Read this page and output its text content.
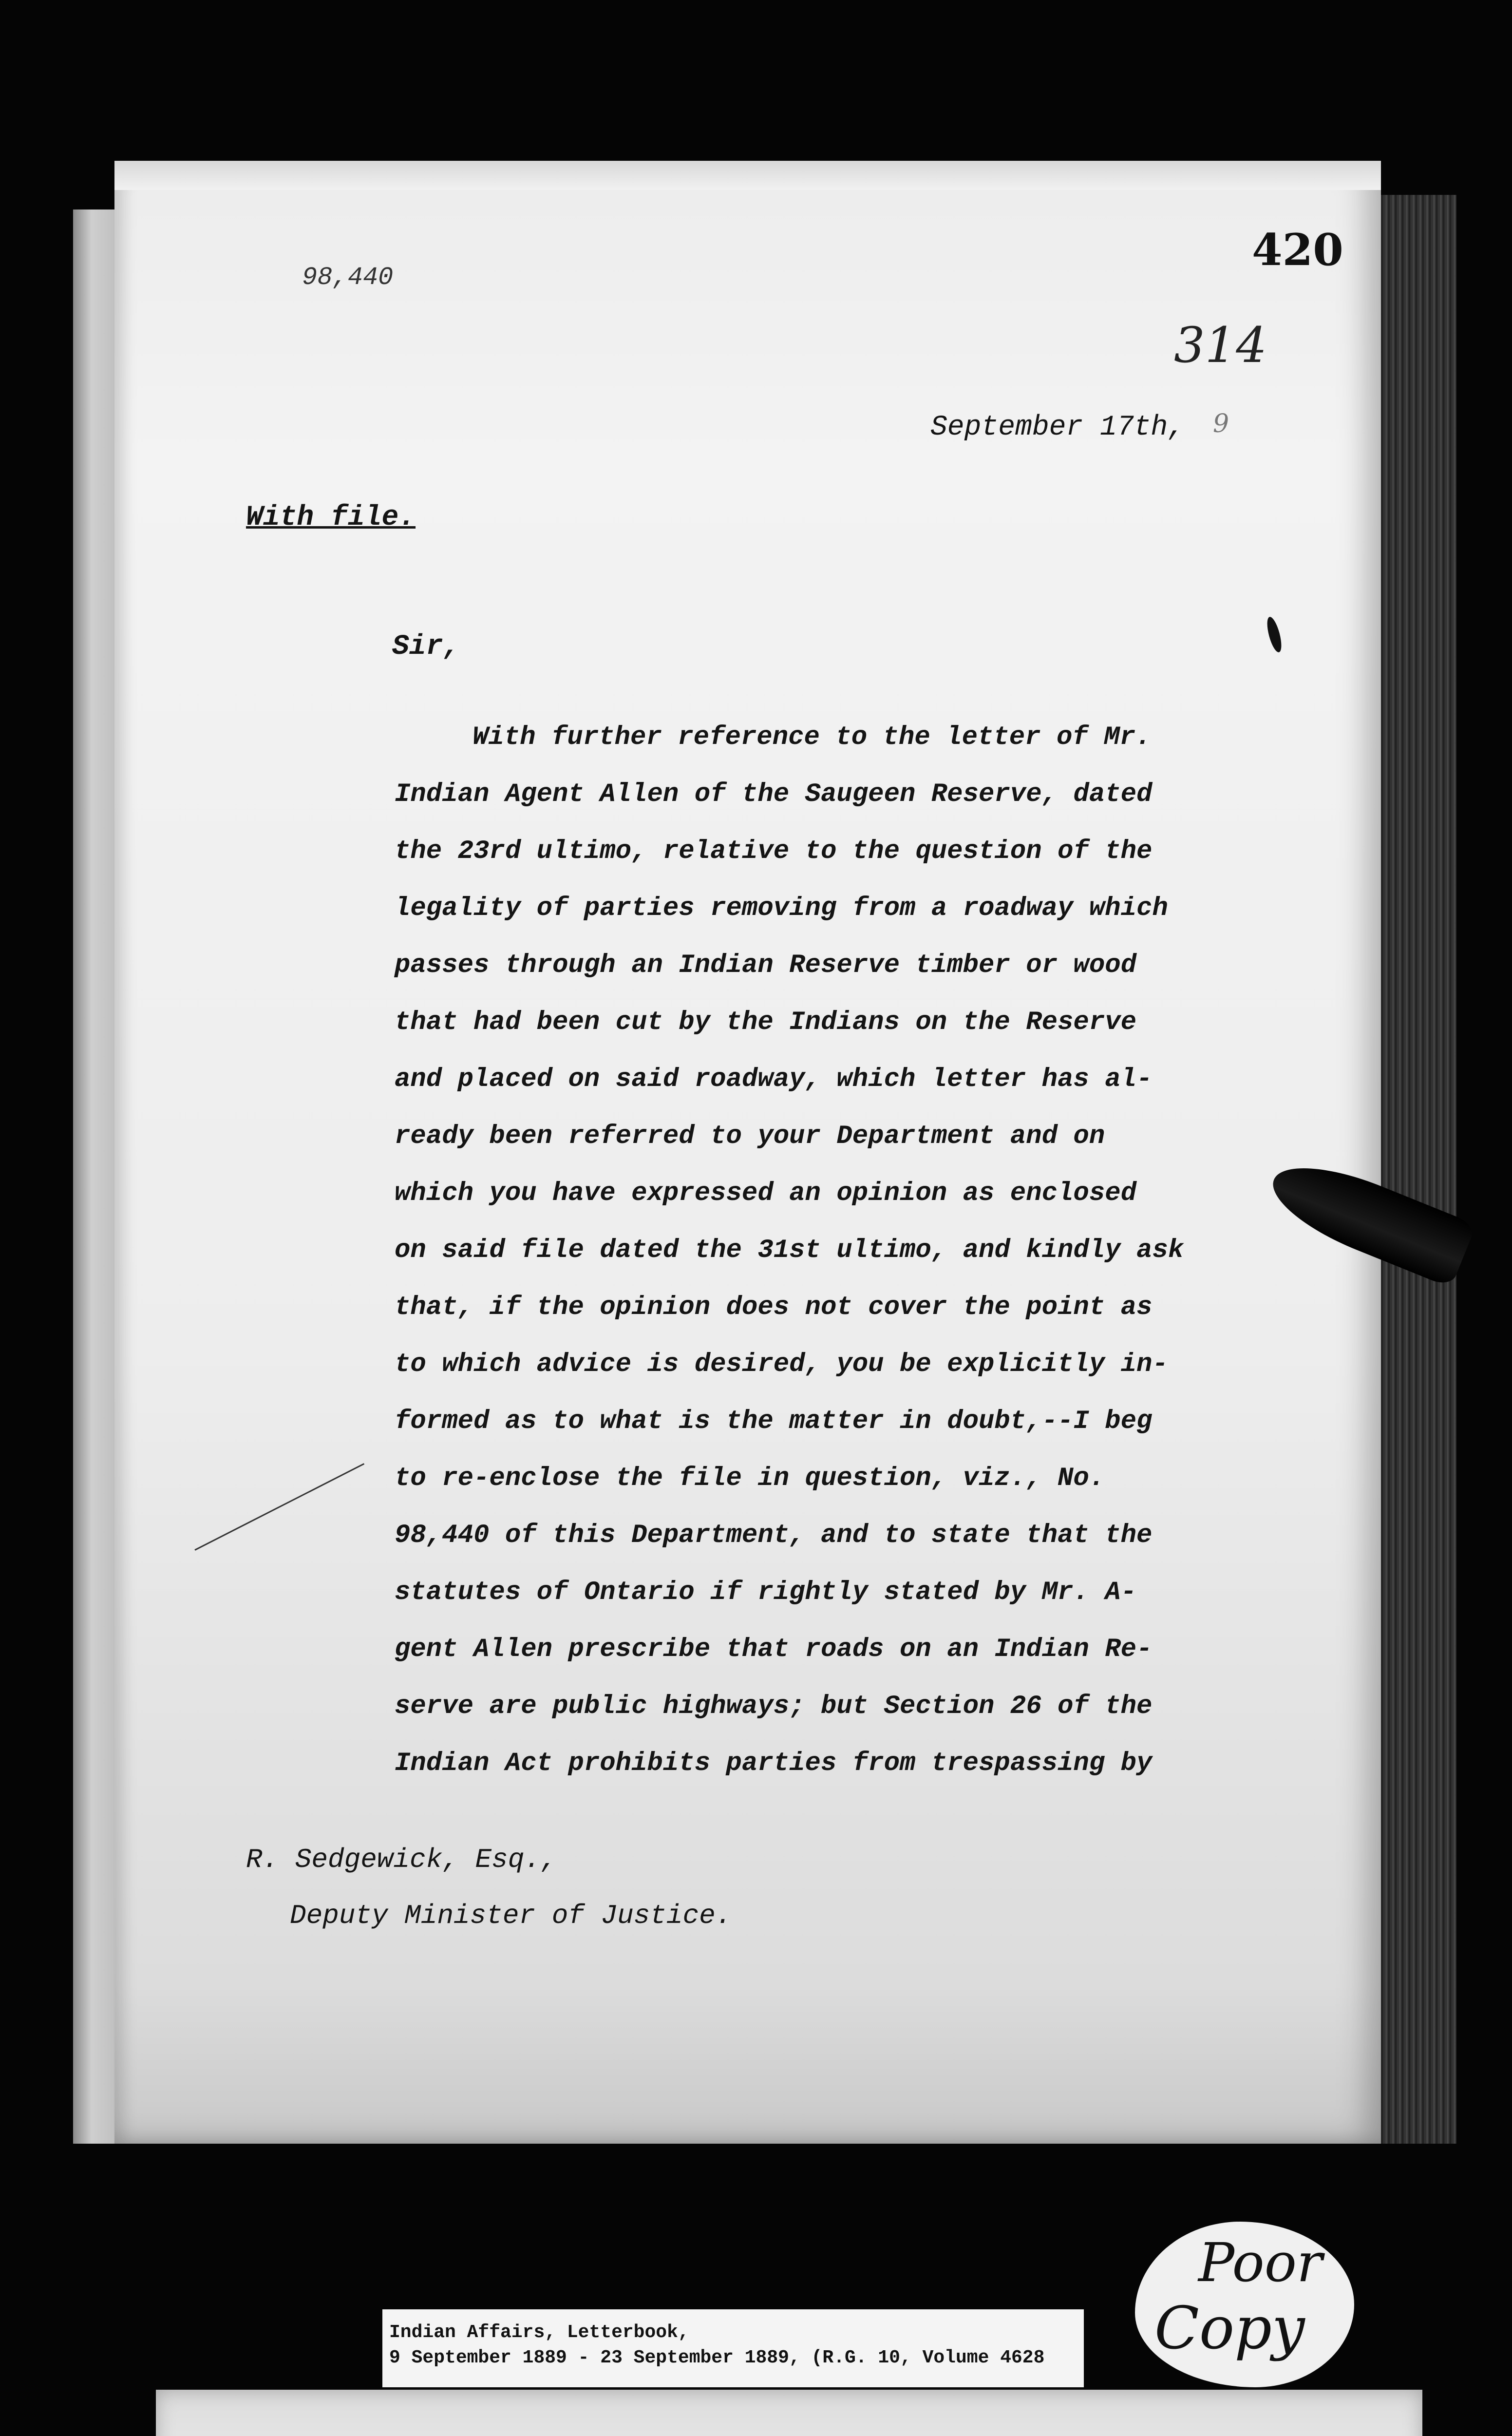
98,440
420
314
September 17th, 9
With file.
Sir,
With further reference to the letter of Mr.
Indian Agent Allen of the Saugeen Reserve, dated
the 23rd ultimo, relative to the question of the
legality of parties removing from a roadway which
passes through an Indian Reserve timber or wood
that had been cut by the Indians on the Reserve
and placed on said roadway, which letter has al-
ready been referred to your Department and on
which you have expressed an opinion as enclosed
on said file dated the 31st ultimo, and kindly ask
that, if the opinion does not cover the point as
to which advice is desired, you be explicitly in-
formed as to what is the matter in doubt,--I beg
to re-enclose the file in question, viz., No.
98,440 of this Department, and to state that the
statutes of Ontario if rightly stated by Mr. A-
gent Allen prescribe that roads on an Indian Re-
serve are public highways; but Section 26 of the
Indian Act prohibits parties from trespassing by
R. Sedgewick, Esq.,
Deputy Minister of Justice.
Indian Affairs, Letterbook,
9 September 1889 - 23 September 1889, (R.G. 10, Volume 4628
Poor
Copy
